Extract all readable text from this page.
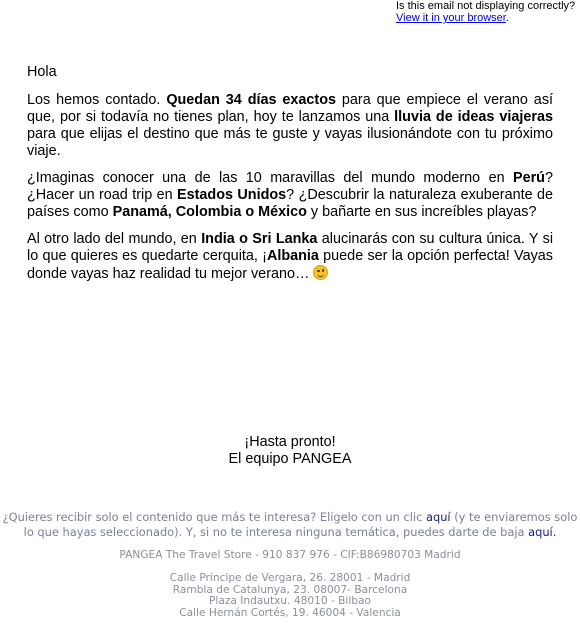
Is this email not displaying correctly?
View it in your browser.

Hola

Los hemos contado. Quedan 34 días exactos para que empiece el verano así que, por si todavía no tienes plan, hoy te lanzamos una lluvia de ideas viajeras para que elijas el destino que más te guste y vayas ilusionándote con tu próximo viaje.

¿Imaginas conocer una de las 10 maravillas del mundo moderno en Perú? ¿Hacer un road trip en Estados Unidos? ¿Descubrir la naturaleza exuberante de países como Panamá, Colombia o México y bañarte en sus increíbles playas?

Al otro lado del mundo, en India o Sri Lanka alucinarás con su cultura única. Y si lo que quieres es quedarte cerquita, ¡Albania puede ser la opción perfecta! Vayas donde vayas haz realidad tu mejor verano…

¡Hasta pronto!
El equipo PANGEA
¿Quieres recibir solo el contenido que más te interesa? Elígelo con un clic aquí (y te enviaremos solo lo que hayas seleccionado). Y, si no te interesa ninguna temática, puedes darte de baja aquí.
PANGEA The Travel Store - 910 837 976 - CIF:B86980703 Madrid
Calle Príncipe de Vergara, 26. 28001 - Madrid
Rambla de Catalunya, 23. 08007- Barcelona
Plaza Indautxu. 48010 - Bilbao
Calle Hernán Cortés, 19. 46004 - Valencia
